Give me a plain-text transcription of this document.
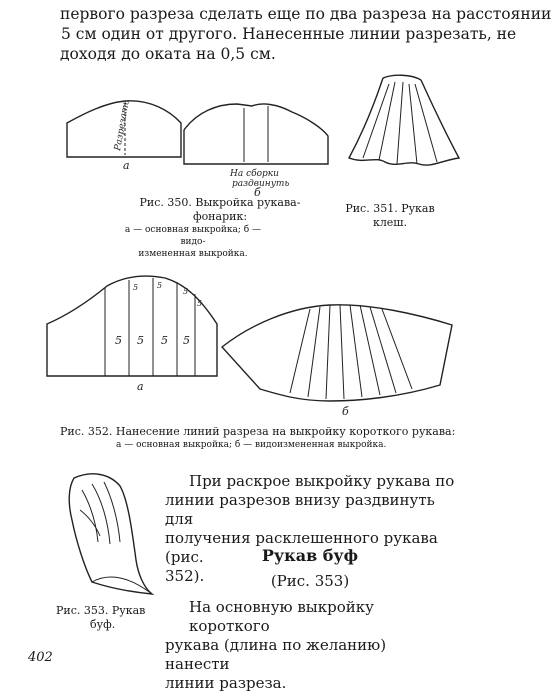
первого разреза сделать еще по два разреза на расстоянии
5 см один от другого. Нанесенные линии разрезать, не
доходя до оката на 0,5 см.
Разрезать
а
На сборки
раздвинуть
б
Рис. 350. Выкройка рукава-
фонарик:
а — основная выкройка; б — видо-
измененная выкройка.
Рис. 351. Рукав
клеш.
5 5 5 5
5 5
5
5
а
б
Рис. 352. Нанесение линий разреза на выкройку короткого рукава:
а — основная выкройка; б — видоизмененная выкройка.
Рис. 353. Рукав
буф.
При раскрое выкройку рукава по
линии разрезов внизу раздвинуть для
получения расклешенного рукава (рис.
352).
Рукав буф
(Рис. 353)
На основную выкройку короткого
рукава (длина по желанию) нанести
линии разреза.
402
